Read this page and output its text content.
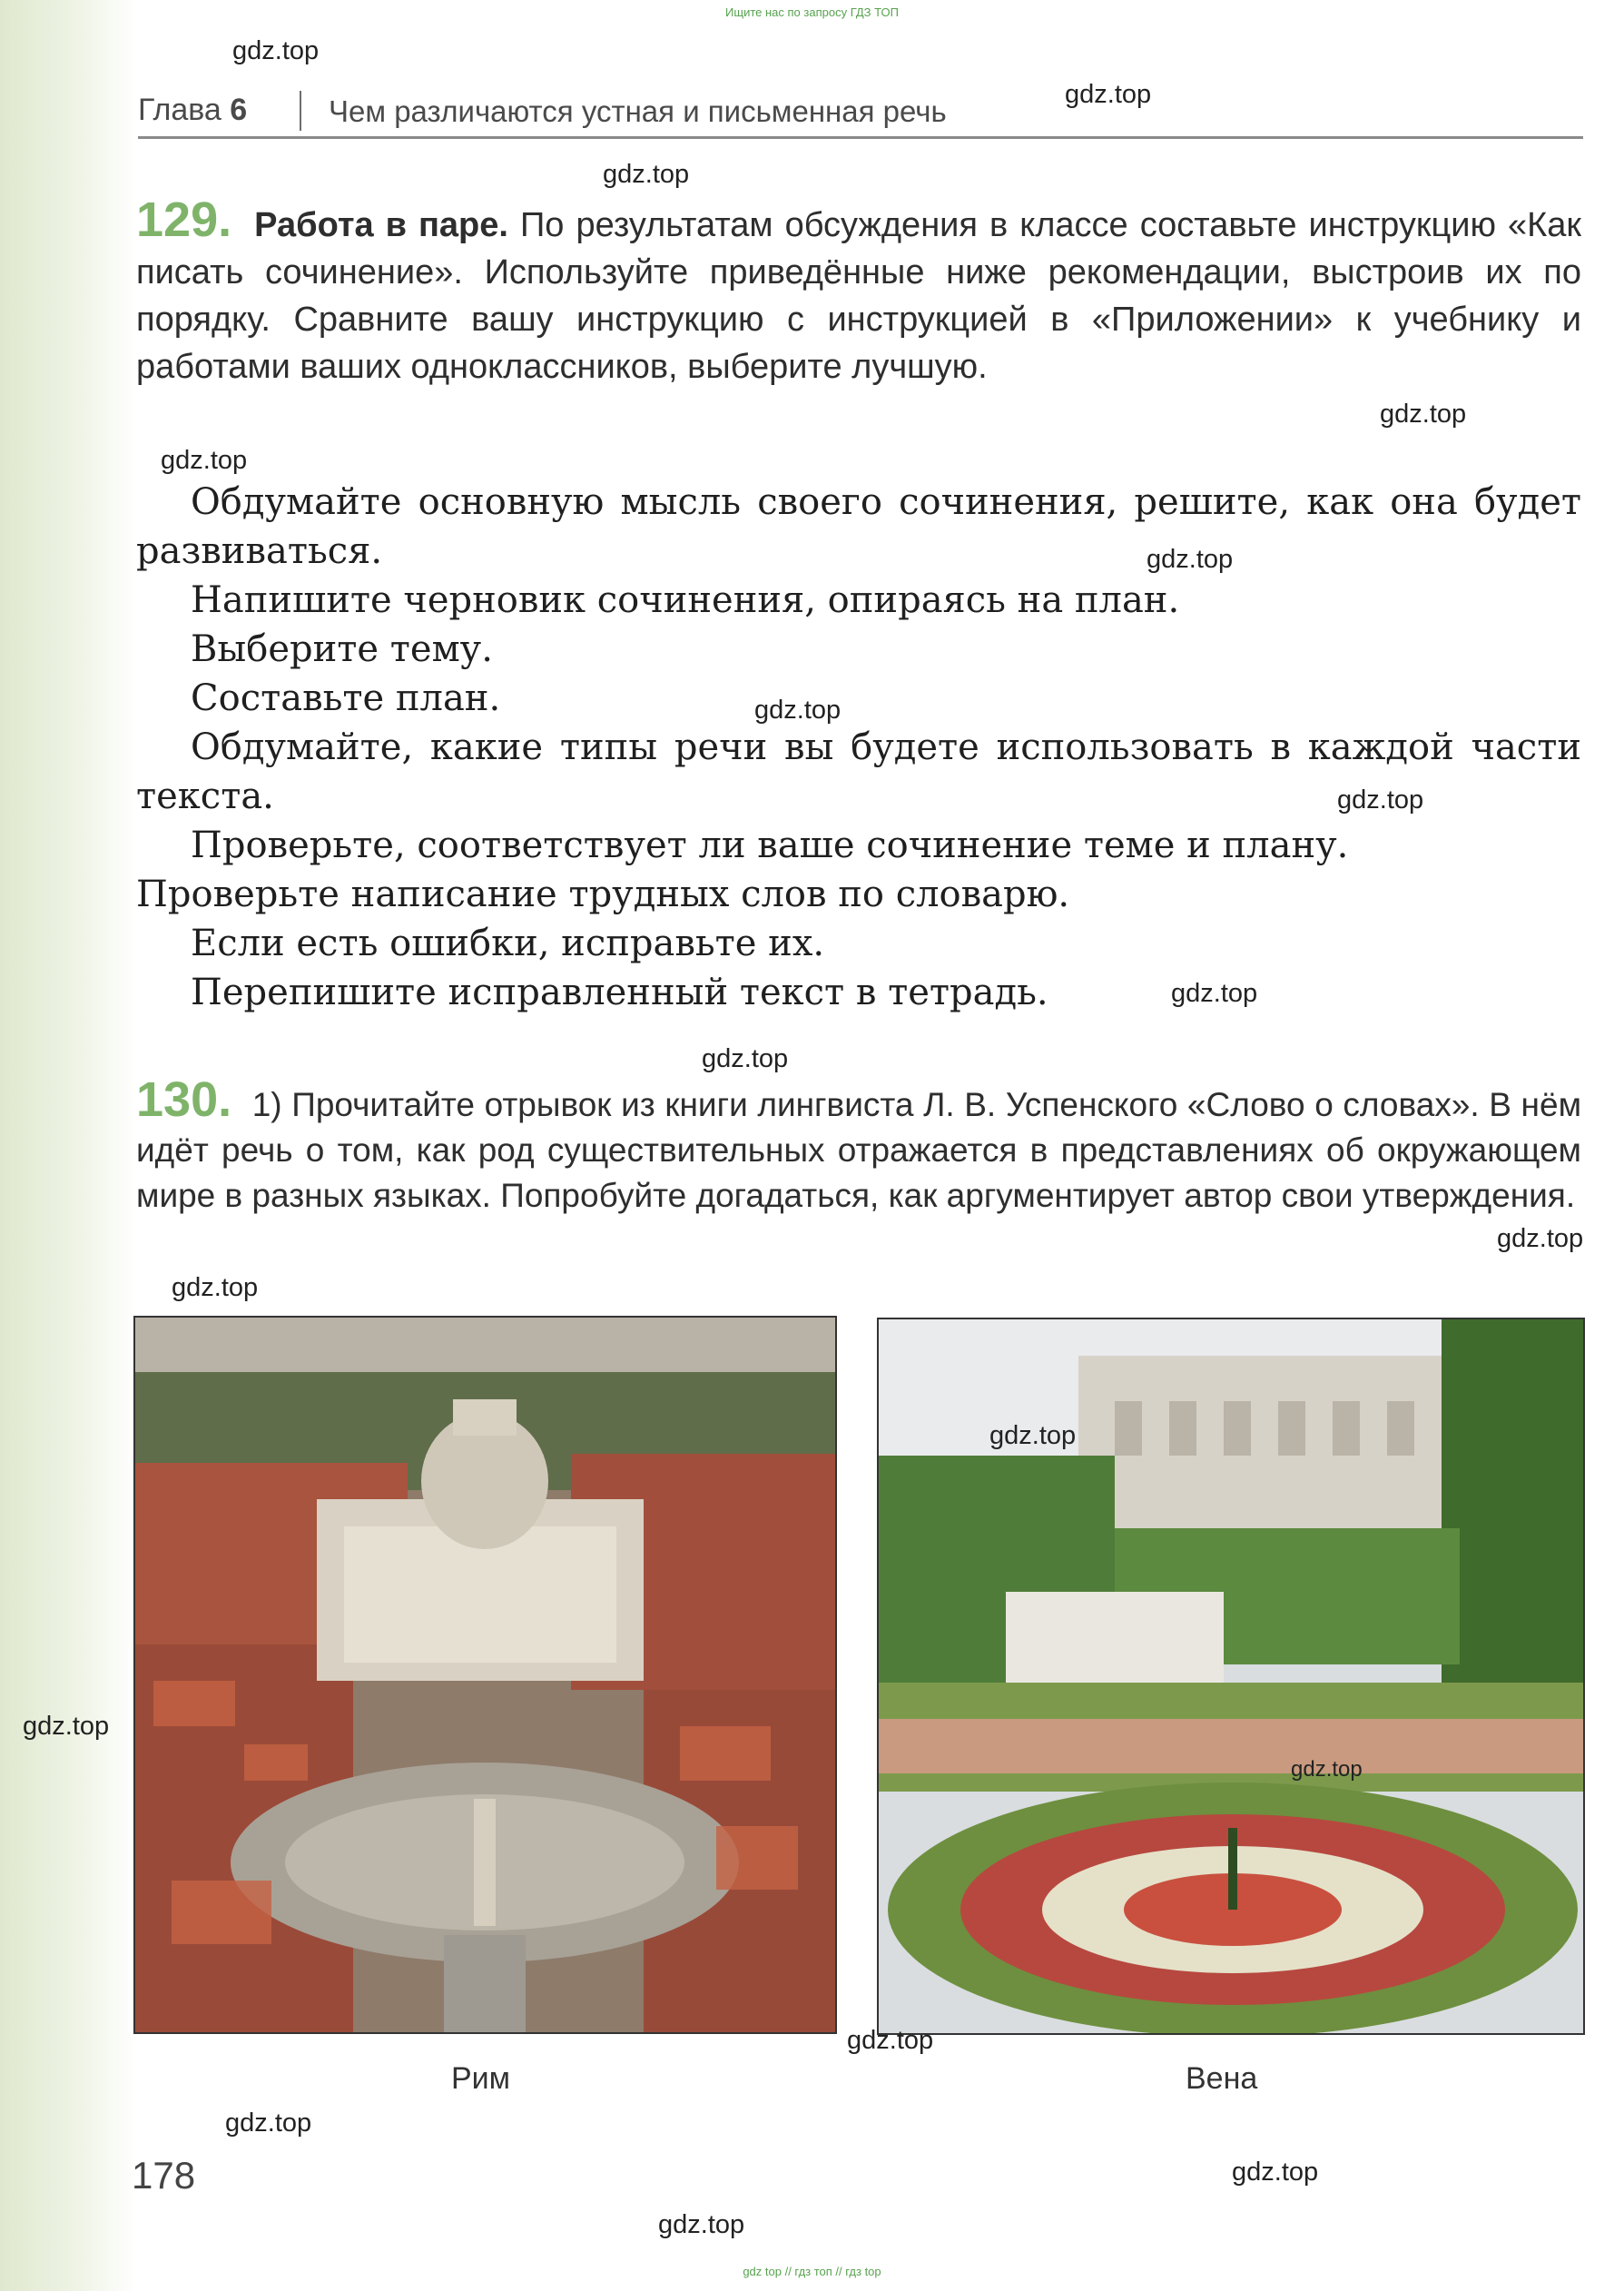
Ищите нас по запросу ГДЗ ТОП
Глава 6	Чем различаются устная и письменная речь
129. Работа в паре. По результатам обсуждения в классе составьте инструкцию «Как писать сочинение». Используйте приведённые ниже рекомендации, выстроив их по порядку. Сравните вашу инструкцию с инструкцией в «Приложении» к учебнику и работами ваших одноклассников, выберите лучшую.

Обдумайте основную мысль своего сочинения, решите, как она будет развиваться.

Напишите черновик сочинения, опираясь на план.

Выберите тему.

Составьте план.

Обдумайте, какие типы речи вы будете использовать в каждой части текста.

Проверьте, соответствует ли ваше сочинение теме и плану.

Проверьте написание трудных слов по словарю.

Если есть ошибки, исправьте их.

Перепишите исправленный текст в тетрадь.

130. 1) Прочитайте отрывок из книги лингвиста Л. В. Успенского «Слово о словах». В нём идёт речь о том, как род существительных отражается в представлениях об окружающем мире в разных языках. Попробуйте догадаться, как аргументирует автор свои утверждения.
Рим	Вена
178
gdz.top
gdz.top
gdz.top
gdz.top
gdz.top
gdz.top
gdz.top
gdz.top
gdz.top
gdz.top
gdz.top
gdz.top
gdz.top
gdz.top
gdz.top
gdz.top
gdz.top
gdz.top
gdz.top
gdz top // гдз топ // гдз top
